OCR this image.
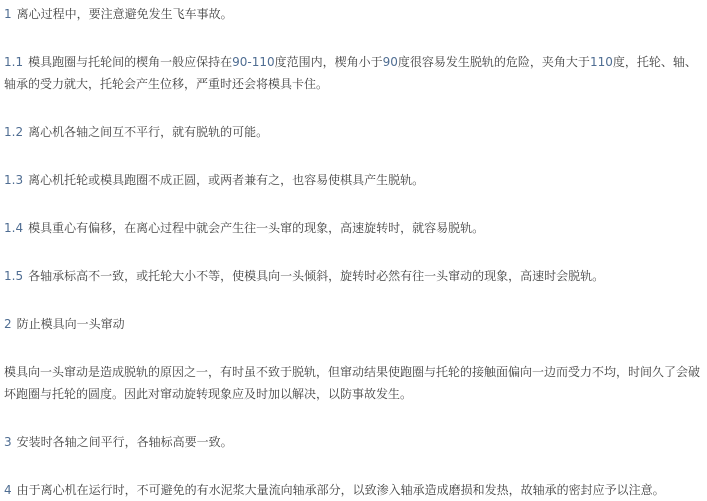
1 离心过程中，要注意避免发生飞车事故。

1.1 模具跑圈与托轮间的楔角一般应保持在90-110度范围内，楔角小于90度很容易发生脱轨的危险，夹角大于110度，托轮、轴、轴承的受力就大，托轮会产生位移，严重时还会将模具卡住。

1.2 离心机各轴之间互不平行，就有脱轨的可能。

1.3 离心机托轮或模具跑圈不成正圆，或两者兼有之，也容易使棋具产生脱轨。

1.4 模具重心有偏移，在离心过程中就会产生往一头窜的现象，高速旋转时，就容易脱轨。

1.5 各轴承标高不一致，或托轮大小不等，使模具向一头倾斜，旋转时必然有往一头窜动的现象，高速时会脱轨。

2 防止模具向一头窜动

模具向一头窜动是造成脱轨的原因之一，有时虽不致于脱轨，但窜动结果使跑圈与托轮的接触面偏向一边而受力不均，时间久了会破坏跑圈与托轮的圆度。因此对窜动旋转现象应及时加以解决，以防事故发生。

3 安装时各轴之间平行，各轴标高要一致。

4 由于离心机在运行时，不可避免的有水泥浆大量流向轴承部分，以致渗入轴承造成磨损和发热，故轴承的密封应予以注意。
